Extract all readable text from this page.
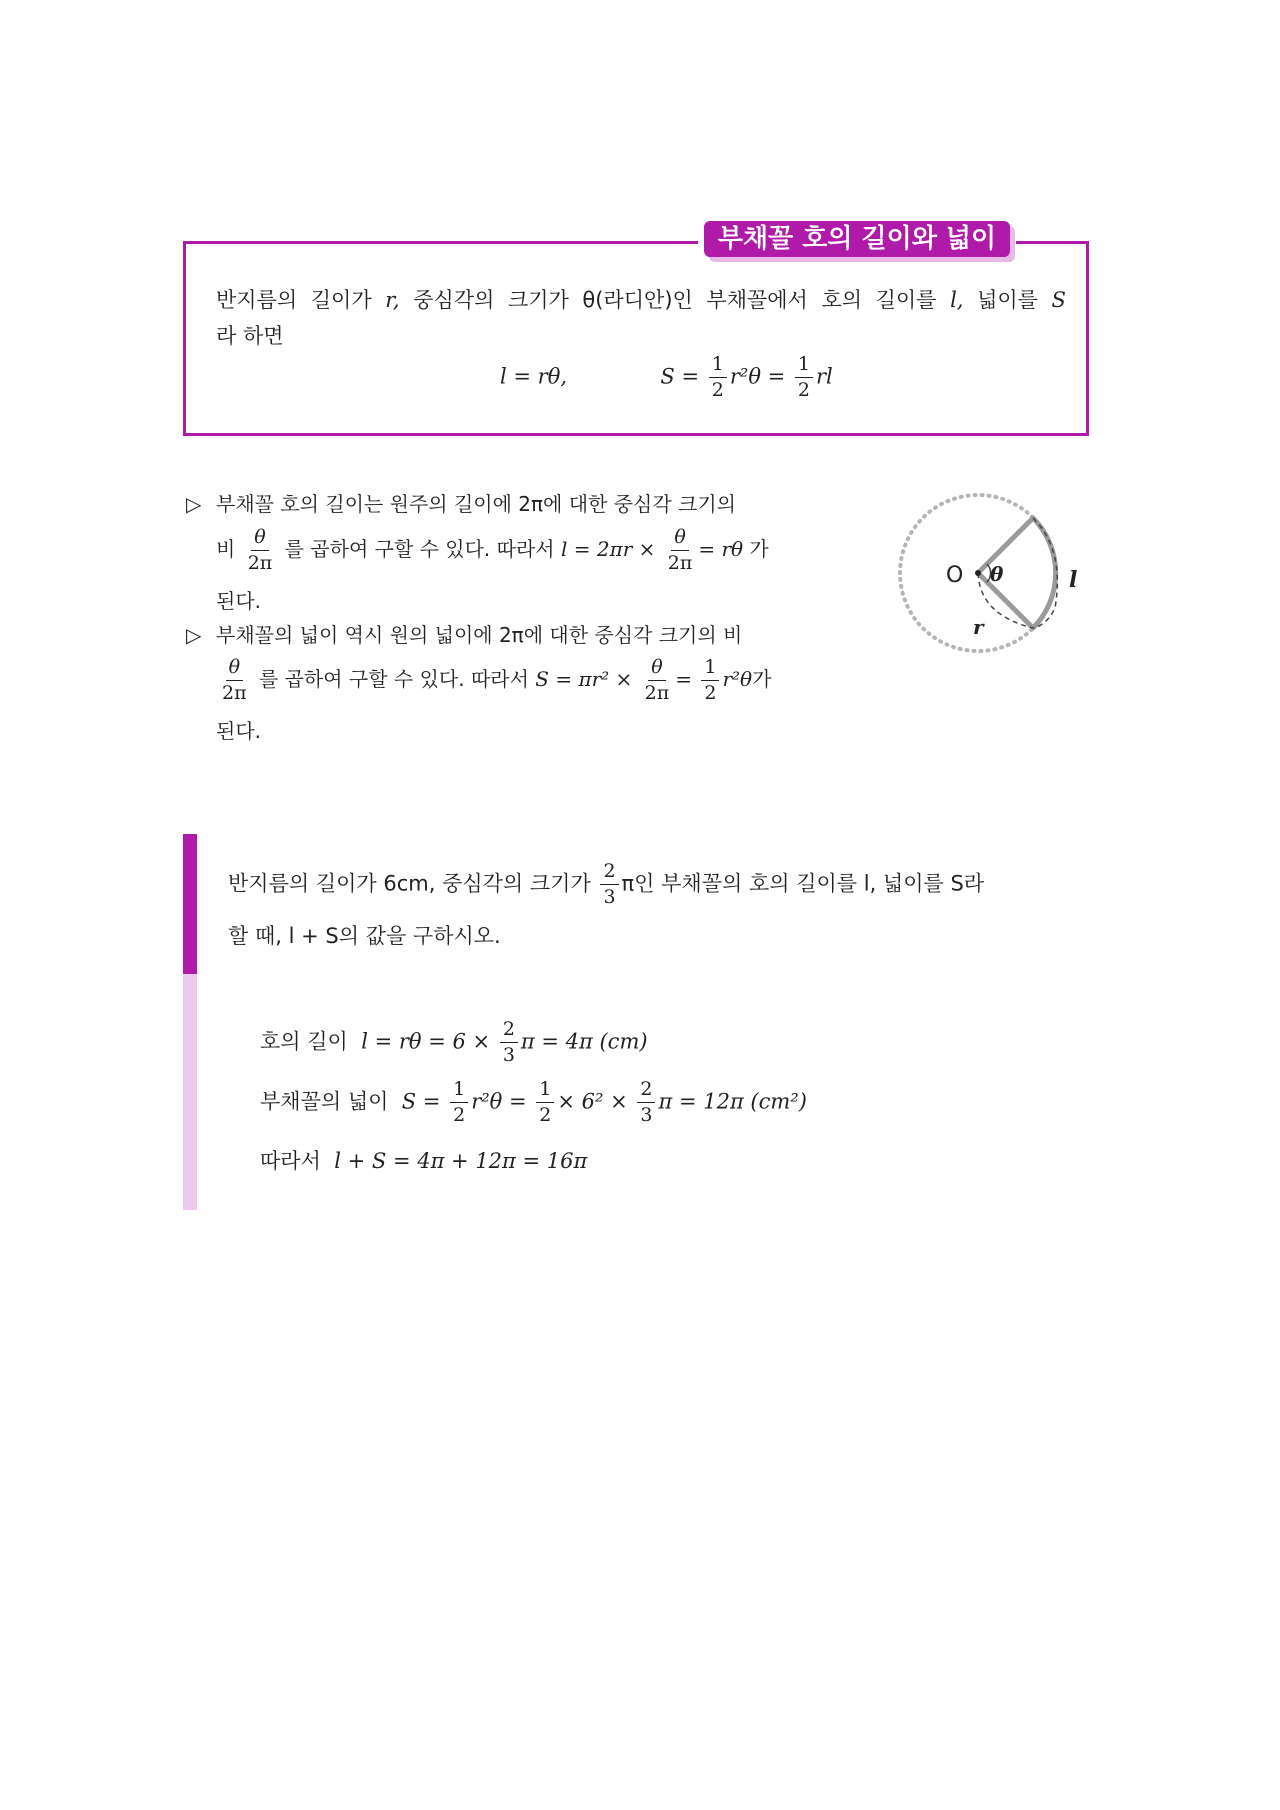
부채꼴 호의 길이와 넓이
반지름의 길이가 r, 중심각의 크기가 θ(라디안)인 부채꼴에서 호의 길이를 l, 넓이를 S
라 하면
l = rθ,	$S = \frac{1}{2} r^2\theta = \frac{1}{2}$ rl
▷ 부채꼴 호의 길이는 원주의 길이에 2π에 대한 중심각 크기의
비 $\frac{\theta}{2\pi}$ 를 곱하여 구할 수 있다. 따라서 $l = 2\pi r \times \frac{\theta}{2\pi} = r\theta$ 가
된다.
▷ 부채꼴의 넓이 역시 원의 넓이에 2π에 대한 중심각 크기의 비
$\frac{\theta}{2\pi}$ 를 곱하여 구할 수 있다. 따라서 $S = \pi r^2 \times \frac{\theta}{2\pi} = \frac{1}{2} r^2\theta$가
된다.
O θ	l
r
반지름의 길이가 6cm, 중심각의 크기가 $\frac{2}{3}$ π인 부채꼴의 호의 길이를 l, 넓이를 S라
할 때, l + S의 값을 구하시오.
호의 길이 $l = r\theta = 6 \times \frac{2}{3}$ π = 4π (cm)
부채꼴의 넓이 $S = \frac{1}{2} r^2\theta = \frac{1}{2} \times 6^2 \times \frac{2}{3}$ π = 12π (cm²)
따라서 l + S = 4π + 12π = 16π
